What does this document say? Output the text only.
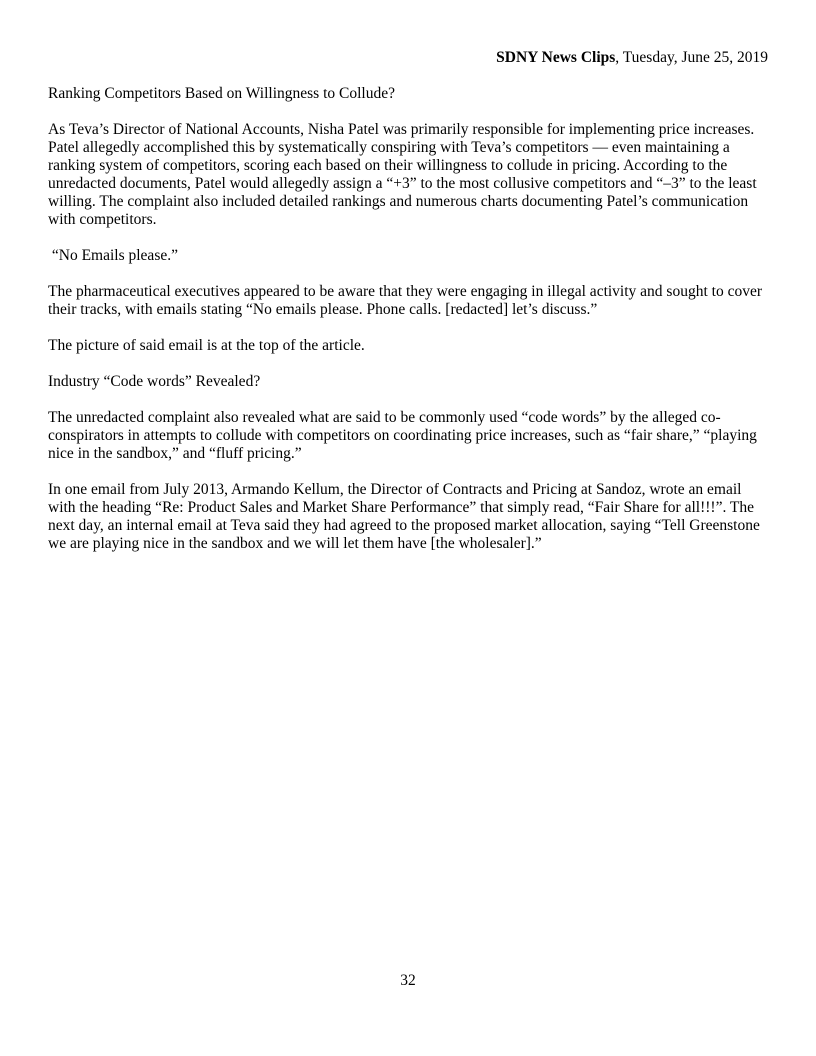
SDNY News Clips, Tuesday, June 25, 2019

Ranking Competitors Based on Willingness to Collude?

As Teva’s Director of National Accounts, Nisha Patel was primarily responsible for implementing price increases. Patel allegedly accomplished this by systematically conspiring with Teva’s competitors — even maintaining a ranking system of competitors, scoring each based on their willingness to collude in pricing. According to the unredacted documents, Patel would allegedly assign a “+3” to the most collusive competitors and “–3” to the least willing. The complaint also included detailed rankings and numerous charts documenting Patel’s communication with competitors.

“No Emails please.”

The pharmaceutical executives appeared to be aware that they were engaging in illegal activity and sought to cover their tracks, with emails stating “No emails please. Phone calls. [redacted] let’s discuss.”

The picture of said email is at the top of the article.

Industry “Code words” Revealed?

The unredacted complaint also revealed what are said to be commonly used “code words” by the alleged co-conspirators in attempts to collude with competitors on coordinating price increases, such as “fair share,” “playing nice in the sandbox,” and “fluff pricing.”

In one email from July 2013, Armando Kellum, the Director of Contracts and Pricing at Sandoz, wrote an email with the heading “Re: Product Sales and Market Share Performance” that simply read, “Fair Share for all!!!”. The next day, an internal email at Teva said they had agreed to the proposed market allocation, saying “Tell Greenstone we are playing nice in the sandbox and we will let them have [the wholesaler].”

32
